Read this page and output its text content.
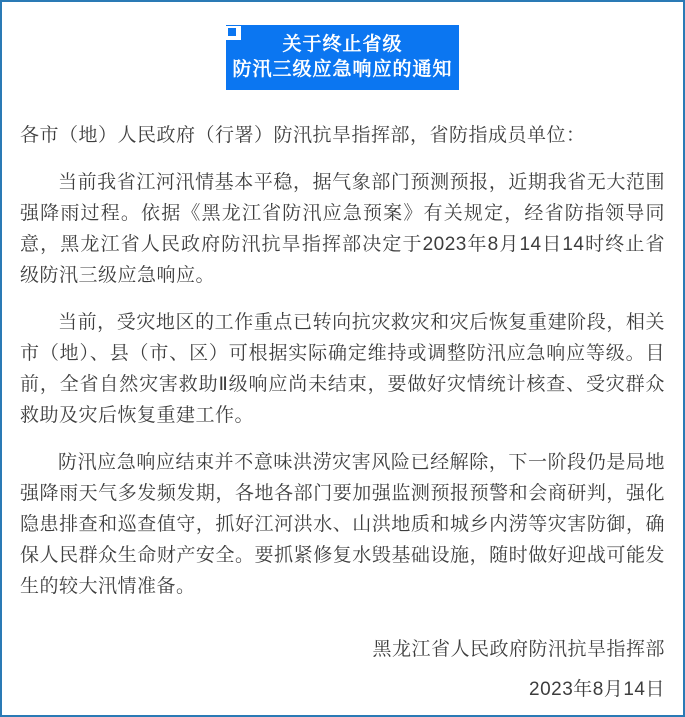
关于终止省级
防汛三级应急响应的通知

各市（地）人民政府（行署）防汛抗旱指挥部，省防指成员单位：

当前我省江河汛情基本平稳，据气象部门预测预报，近期我省无大范围强降雨过程。依据《黑龙江省防汛应急预案》有关规定，经省防指领导同意，黑龙江省人民政府防汛抗旱指挥部决定于2023年8月14日14时终止省级防汛三级应急响应。

当前，受灾地区的工作重点已转向抗灾救灾和灾后恢复重建阶段，相关市（地）、县（市、区）可根据实际确定维持或调整防汛应急响应等级。目前，全省自然灾害救助Ⅱ级响应尚未结束，要做好灾情统计核查、受灾群众救助及灾后恢复重建工作。

防汛应急响应结束并不意味洪涝灾害风险已经解除，下一阶段仍是局地强降雨天气多发频发期，各地各部门要加强监测预报预警和会商研判，强化隐患排查和巡查值守，抓好江河洪水、山洪地质和城乡内涝等灾害防御，确保人民群众生命财产安全。要抓紧修复水毁基础设施，随时做好迎战可能发生的较大汛情准备。

黑龙江省人民政府防汛抗旱指挥部

2023年8月14日
